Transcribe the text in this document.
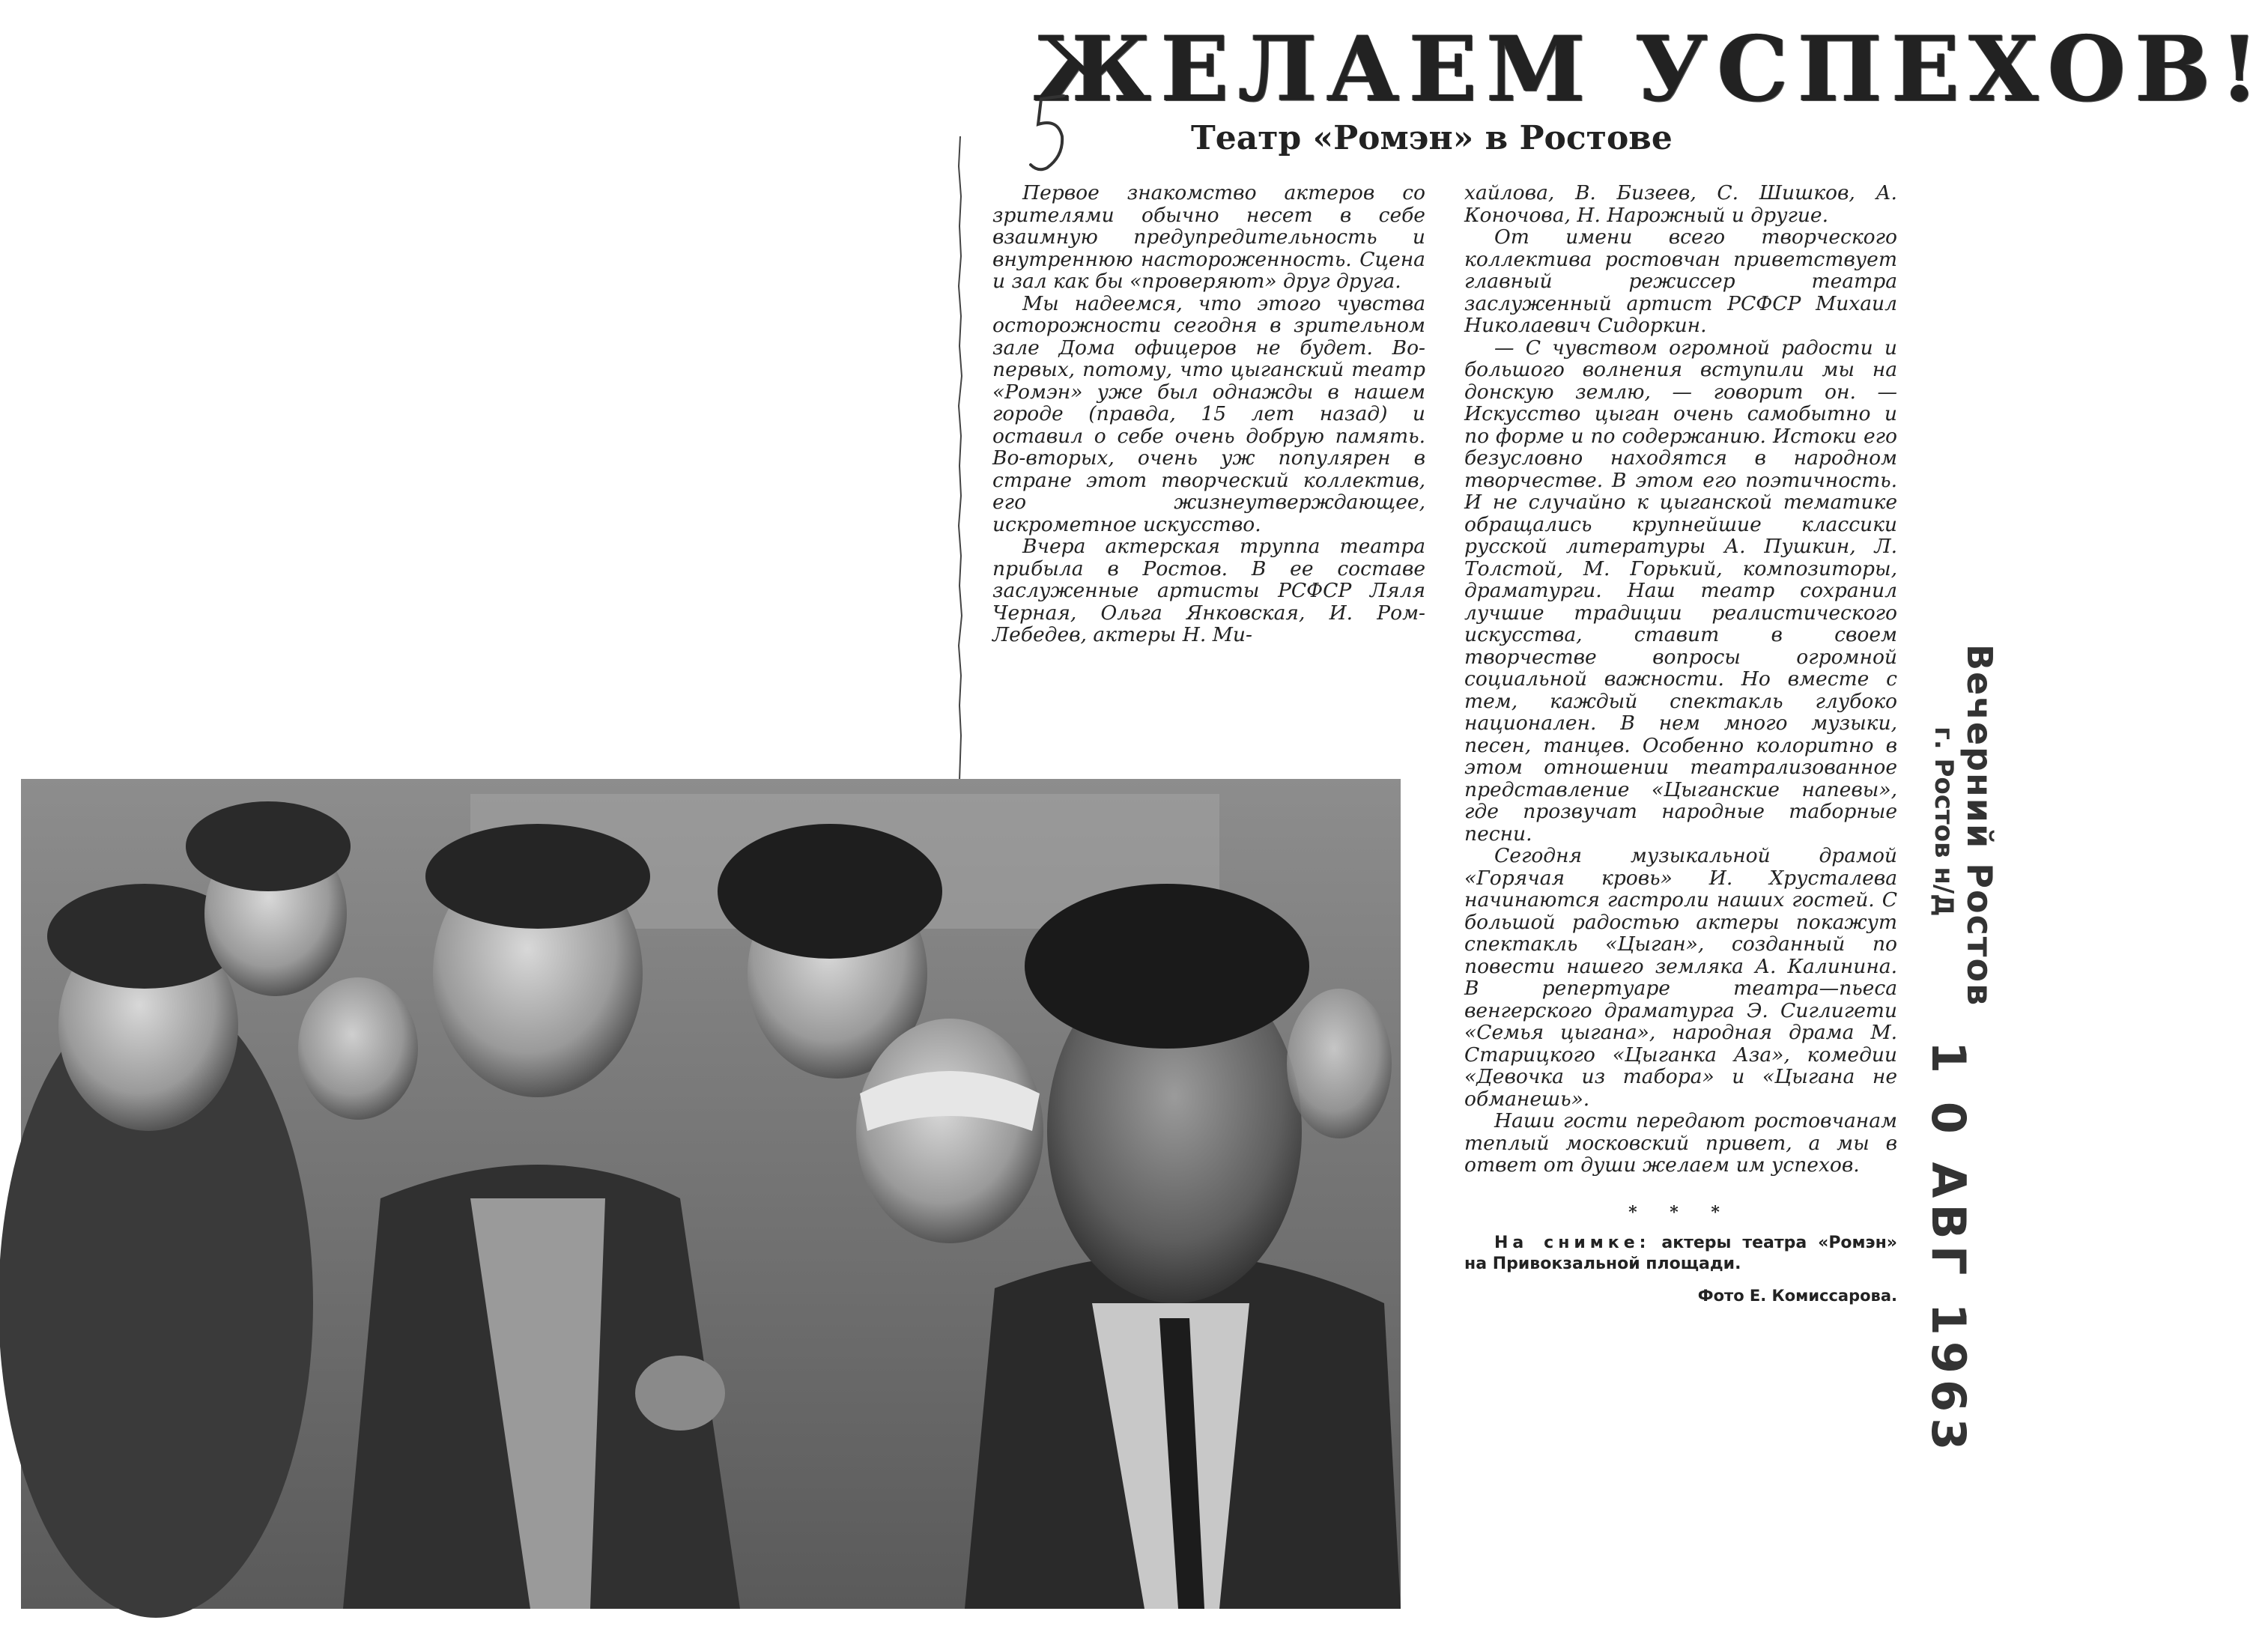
ЖЕЛАЕМ УСПЕХОВ!
Театр «Ромэн» в Ростове

Первое знакомство актеров со зрителями обычно несет в себе взаимную предупредительность и внутреннюю настороженность. Сцена и зал как бы «проверяют» друг друга.

Мы надеемся, что этого чувства осторожности сегодня в зрительном зале Дома офицеров не будет. Во-первых, потому, что цыганский театр «Ромэн» уже был однажды в нашем городе (правда, 15 лет назад) и оставил о себе очень добрую память. Во-вторых, очень уж популярен в стране этот творческий коллектив, его жизнеутверждающее, искрометное искусство.

Вчера актерская труппа театра прибыла в Ростов. В ее составе заслуженные артисты РСФСР Ляля Черная, Ольга Янковская, И. Ром-Лебедев, актеры Н. Ми-

хайлова, В. Бизеев, С. Шишков, А. Коночова, Н. Нарожный и другие.

От имени всего творческого коллектива ростовчан приветствует главный режиссер театра заслуженный артист РСФСР Михаил Николаевич Сидоркин.

— С чувством огромной радости и большого волнения вступили мы на донскую землю, — говорит он. — Искусство цыган очень самобытно и по форме и по содержанию. Истоки его безусловно находятся в народном творчестве. В этом его поэтичность. И не случайно к цыганской тематике обращались крупнейшие классики русской литературы А. Пушкин, Л. Толстой, М. Горький, композиторы, драматурги. Наш театр сохранил лучшие традиции реалистического искусства, ставит в своем творчестве вопросы огромной социальной важности. Но вместе с тем, каждый спектакль глубоко национален. В нем много музыки, песен, танцев. Особенно колоритно в этом отношении театрализованное представление «Цыганские напевы», где прозвучат народные таборные песни.

Сегодня музыкальной драмой «Горячая кровь» И. Хрусталева начинаются гастроли наших гостей. С большой радостью актеры покажут спектакль «Цыган», созданный по повести нашего земляка А. Калинина. В репертуаре театра—пьеса венгерского драматурга Э. Сиглигети «Семья цыгана», народная драма М. Старицкого «Цыганка Аза», комедии «Девочка из табора» и «Цыгана не обманешь».

Наши гости передают ростовчанам теплый московский привет, а мы в ответ от души желаем им успехов.

* * *
На снимке: актеры театра «Ромэн» на Привокзальной площади.
Фото Е. Комиссарова.
Вечерний Ростов
г. Ростов н/Д
1 0 АВГ 1963
